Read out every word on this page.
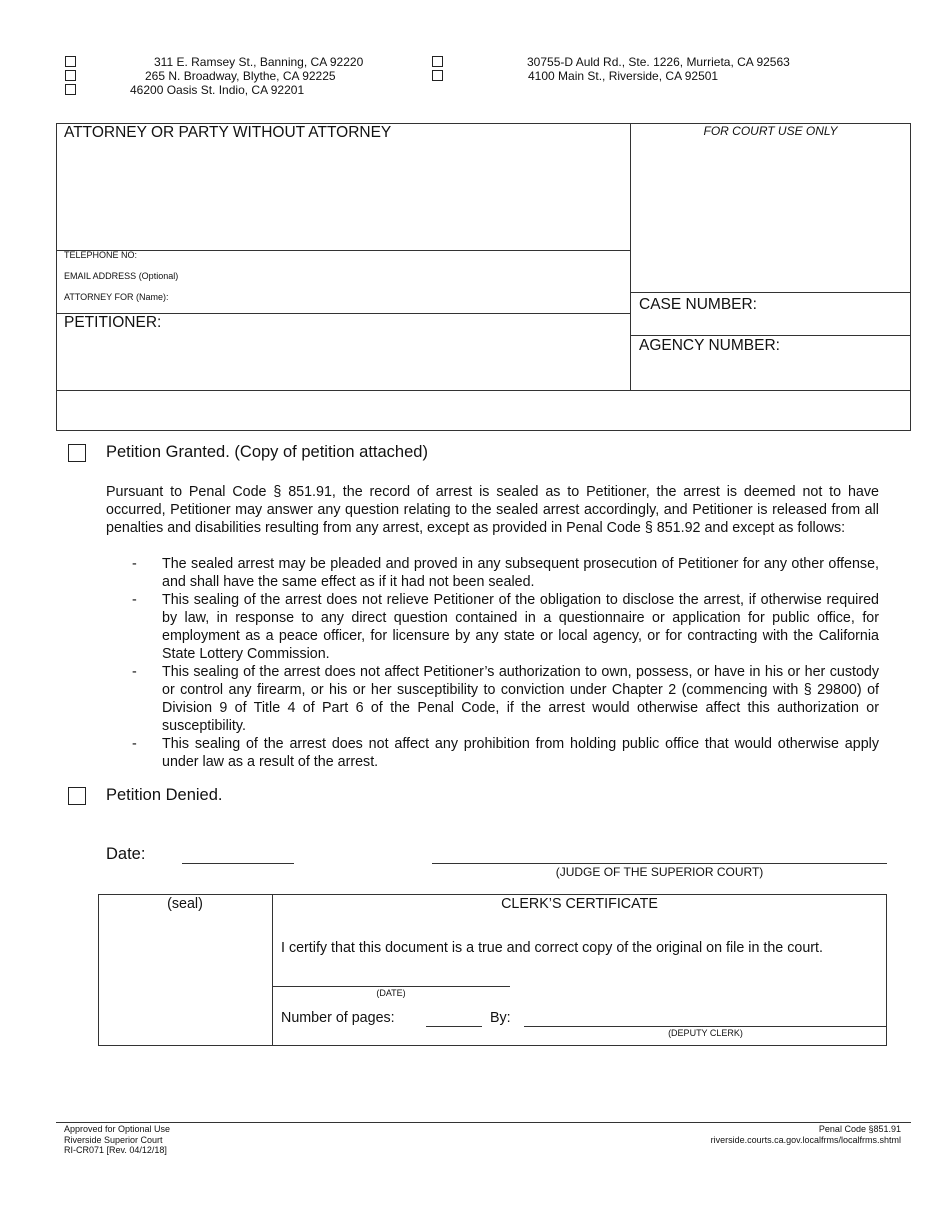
311 E. Ramsey St., Banning, CA 92220
265 N. Broadway, Blythe, CA 92225
46200 Oasis St. Indio, CA 92201
30755-D Auld Rd., Ste. 1226, Murrieta, CA 92563
4100 Main St., Riverside, CA 92501
ATTORNEY OR PARTY WITHOUT ATTORNEY	FOR COURT USE ONLY
TELEPHONE NO:
EMAIL ADDRESS (Optional)
ATTORNEY FOR (Name):
PETITIONER:
CASE NUMBER:
AGENCY NUMBER:
Petition Granted. (Copy of petition attached)
Pursuant to Penal Code § 851.91, the record of arrest is sealed as to Petitioner, the arrest is deemed not to have occurred, Petitioner may answer any question relating to the sealed arrest accordingly, and Petitioner is released from all penalties and disabilities resulting from any arrest, except as provided in Penal Code § 851.92 and except as follows:
- The sealed arrest may be pleaded and proved in any subsequent prosecution of Petitioner for any other offense, and shall have the same effect as if it had not been sealed.
- This sealing of the arrest does not relieve Petitioner of the obligation to disclose the arrest, if otherwise required by law, in response to any direct question contained in a questionnaire or application for public office, for employment as a peace officer, for licensure by any state or local agency, or for contracting with the California State Lottery Commission.
- This sealing of the arrest does not affect Petitioner’s authorization to own, possess, or have in his or her custody or control any firearm, or his or her susceptibility to conviction under Chapter 2 (commencing with § 29800) of Division 9 of Title 4 of Part 6 of the Penal Code, if the arrest would otherwise affect this authorization or susceptibility.
- This sealing of the arrest does not affect any prohibition from holding public office that would otherwise apply under law as a result of the arrest.
Petition Denied.
Date:
(JUDGE OF THE SUPERIOR COURT)
(seal)	CLERK’S CERTIFICATE
I certify that this document is a true and correct copy of the original on file in the court.
(DATE)
Number of pages:	By:
(DEPUTY CLERK)
Approved for Optional Use
Riverside Superior Court
RI-CR071 [Rev. 04/12/18]
Penal Code §851.91
riverside.courts.ca.gov.localfrms/localfrms.shtml
